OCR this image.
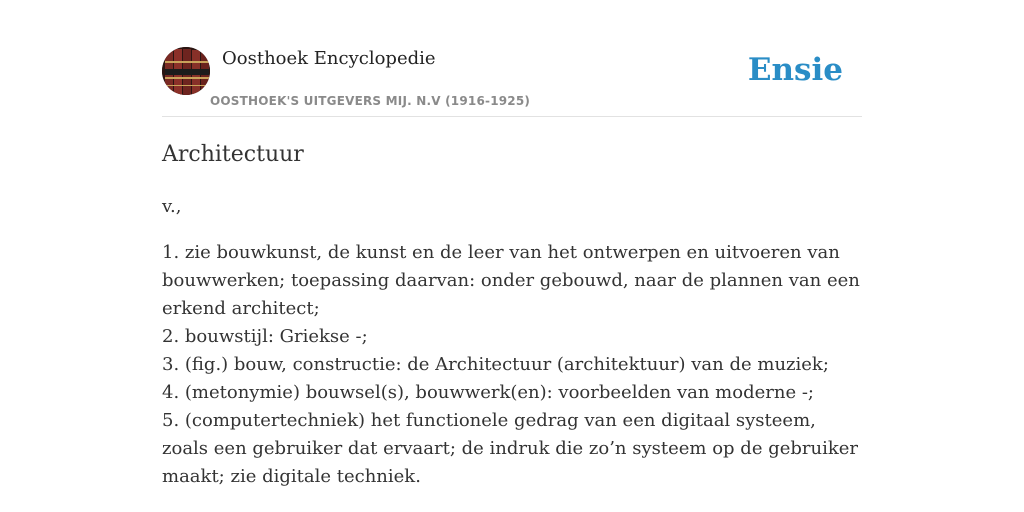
Oosthoek Encyclopedie
OOSTHOEK'S UITGEVERS MIJ. N.V (1916-1925)
Ensie
Architectuur
v.,
1. zie bouwkunst, de kunst en de leer van het ontwerpen en uitvoeren van bouwwerken; toepassing daarvan: onder gebouwd, naar de plannen van een erkend architect;
2. bouwstijl: Griekse -;
3. (fig.) bouw, constructie: de Architectuur (architektuur) van de muziek;
4. (metonymie) bouwsel(s), bouwwerk(en): voorbeelden van moderne -;
5. (computertechniek) het functionele gedrag van een digitaal systeem, zoals een gebruiker dat ervaart; de indruk die zo’n systeem op de gebruiker maakt; zie digitale techniek.
